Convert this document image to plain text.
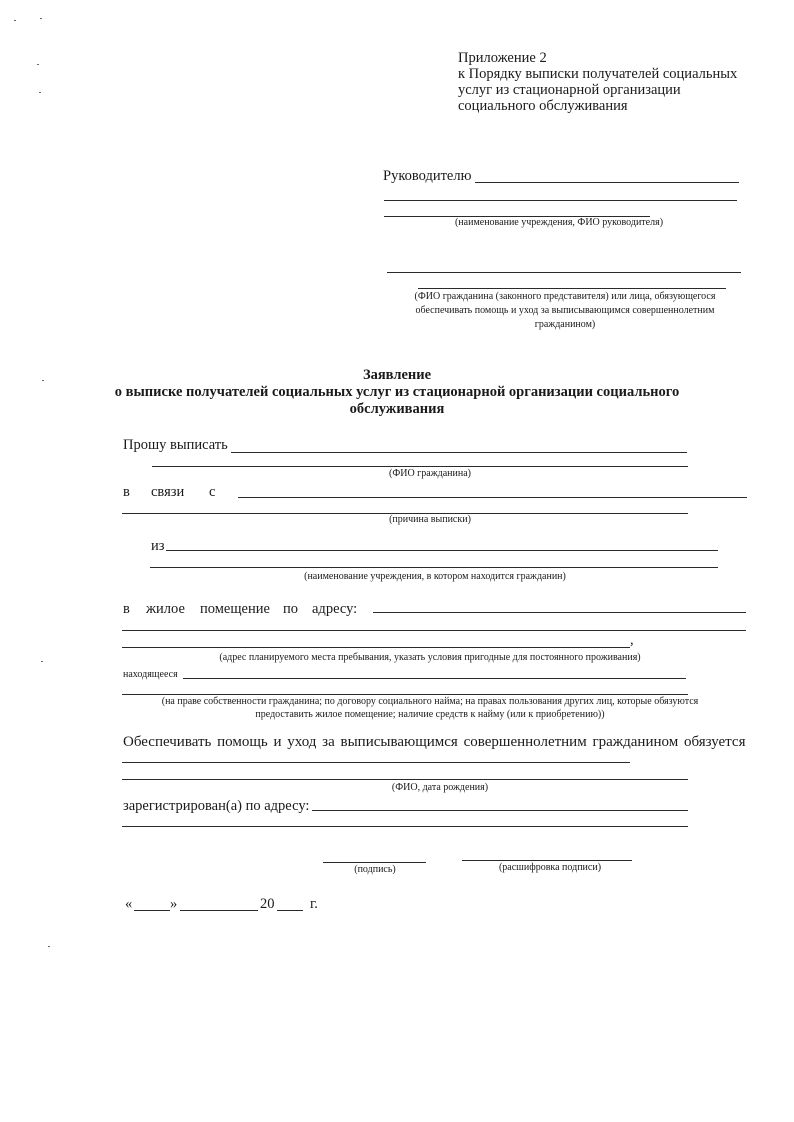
Приложение 2
к Порядку выписки получателей социальных
услуг из стационарной организации
социального обслуживания
Руководителю
(наименование учреждения, ФИО руководителя)
(ФИО гражданина (законного представителя) или лица, обязующегося
обеспечивать помощь и уход за выписывающимся совершеннолетним
гражданином)
Заявление
о выписке получателей социальных услуг из стационарной организации социального
обслуживания
Прошу выписать
(ФИО гражданина)
в связи с
(причина выписки)
из
(наименование учреждения, в котором находится гражданин)
в жилое помещение по адресу:
,
(адрес планируемого места пребывания, указать условия пригодные для постоянного проживания)
находящееся
(на праве собственности гражданина; по договору социального найма; на правах пользования других лиц, которые обязуются
предоставить жилое помещение; наличие средств к найму (или к приобретению))
Обеспечивать помощь и уход за выписывающимся совершеннолетним гражданином обязуется
(ФИО, дата рождения)
зарегистрирован(а) по адресу:
(подпись)	(расшифровка подписи)
«	»	20 г.
